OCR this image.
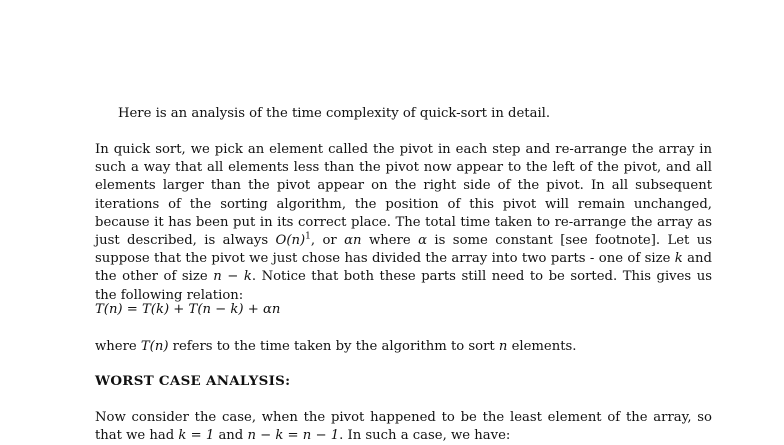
Here is an analysis of the time complexity of quick-sort in detail.
In quick sort, we pick an element called the pivot in each step and re-arrange the array in such a way that all elements less than the pivot now appear to the left of the pivot, and all elements larger than the pivot appear on the right side of the pivot. In all subsequent iterations of the sorting algorithm, the position of this pivot will remain unchanged, because it has been put in its correct place. The total time taken to re-arrange the array as just described, is always $O(n)^1$, or αn where α is some constant [see footnote]. Let us suppose that the pivot we just chose has divided the array into two parts - one of size k and the other of size n − k. Notice that both these parts still need to be sorted. This gives us the following relation:
T(n) = T(k) + T(n − k) + αn
where T(n) refers to the time taken by the algorithm to sort n elements.
WORST CASE ANALYSIS:
Now consider the case, when the pivot happened to be the least element of the array, so that we had k = 1 and n − k = n − 1. In such a case, we have:
